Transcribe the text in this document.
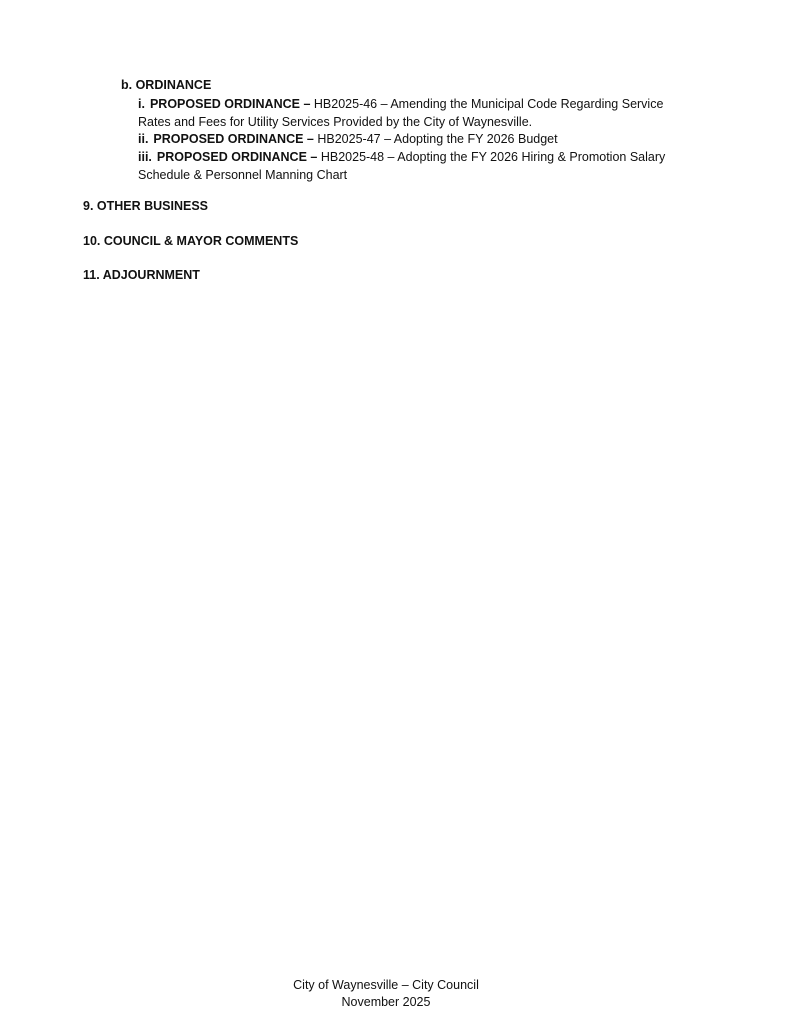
b. ORDINANCE
i. PROPOSED ORDINANCE – HB2025-46 – Amending the Municipal Code Regarding Service Rates and Fees for Utility Services Provided by the City of Waynesville.
ii. PROPOSED ORDINANCE – HB2025-47 – Adopting the FY 2026 Budget
iii. PROPOSED ORDINANCE – HB2025-48 – Adopting the FY 2026 Hiring & Promotion Salary Schedule & Personnel Manning Chart
9. OTHER BUSINESS
10. COUNCIL & MAYOR COMMENTS
11. ADJOURNMENT
City of Waynesville – City Council
November 2025
